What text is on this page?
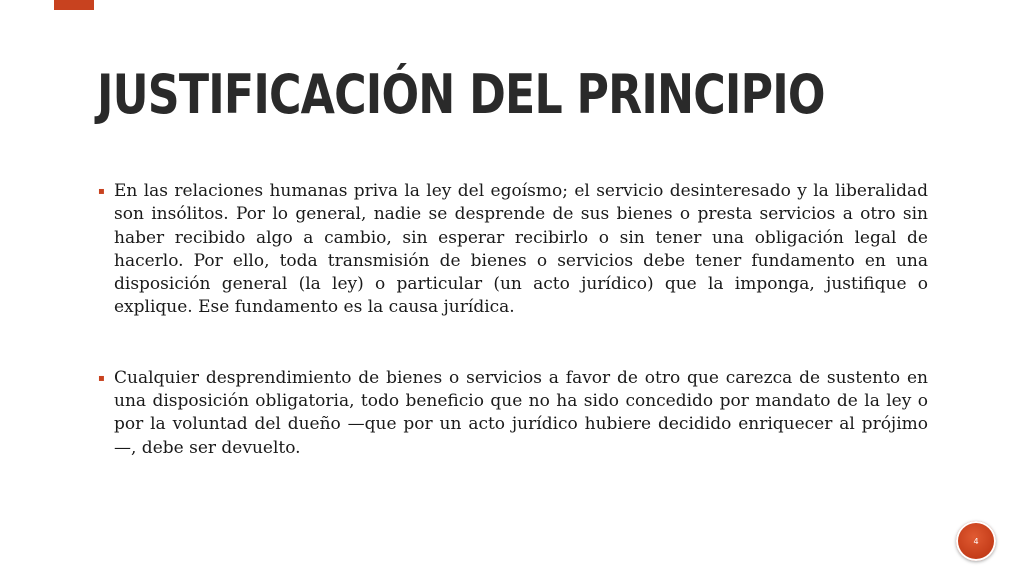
JUSTIFICACIÓN DEL PRINCIPIO

▪ En las relaciones humanas priva la ley del egoísmo; el servicio desinteresado y la liberalidad son insólitos. Por lo general, nadie se desprende de sus bienes o presta servicios a otro sin haber recibido algo a cambio, sin esperar recibirlo o sin tener una obligación legal de hacerlo. Por ello, toda transmisión de bienes o servicios debe tener fundamento en una disposición general (la ley) o particular (un acto jurídico) que la imponga, justifique o explique. Ese fundamento es la causa jurídica.

▪ Cualquier desprendimiento de bienes o servicios a favor de otro que carezca de sustento en una disposición obligatoria, todo beneficio que no ha sido concedido por mandato de la ley o por la voluntad del dueño —que por un acto jurídico hubiere decidido enriquecer al prójimo—, debe ser devuelto.

4
